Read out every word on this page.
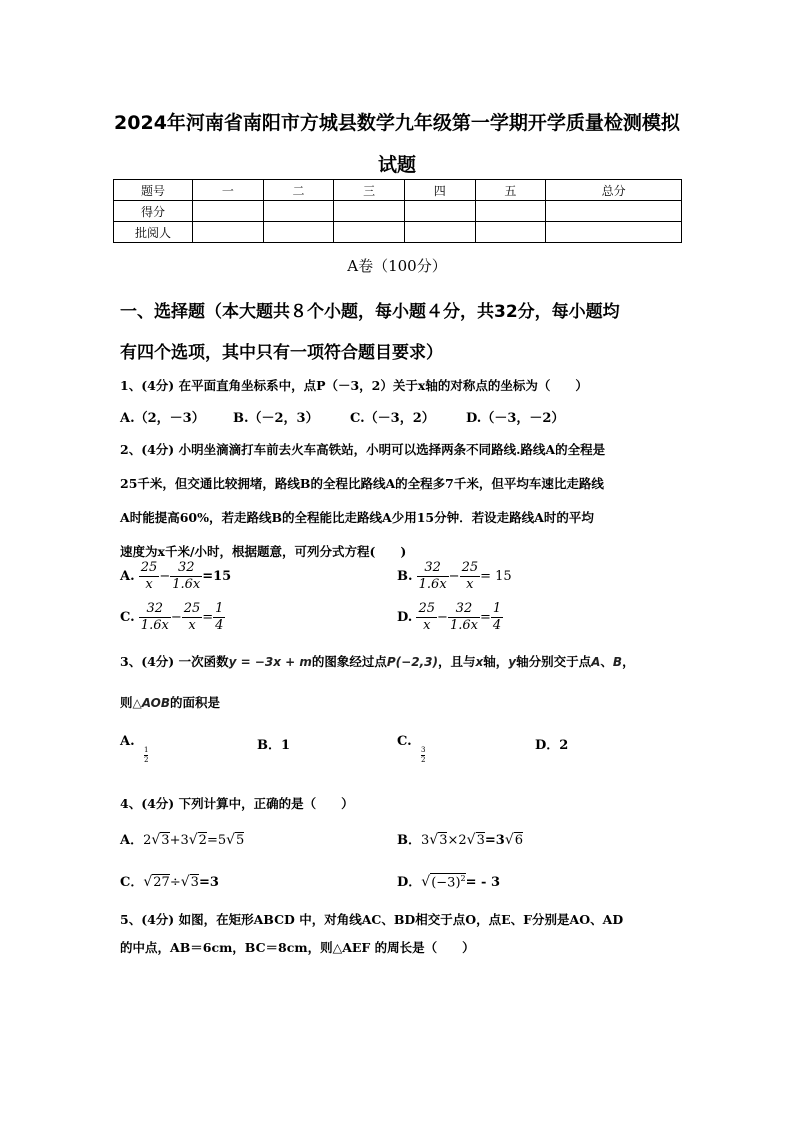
2024年河南省南阳市方城县数学九年级第一学期开学质量检测模拟
试题
题号	一	二	三	四	五	总分
得分						
批阅人						
A卷（100分）
一、选择题（本大题共８个小题，每小题４分，共32分，每小题均
有四个选项，其中只有一项符合题目要求）
1、(4分) 在平面直角坐标系中，点P（－3，2）关于x轴的对称点的坐标为（　　）
A.（2，－3） B.（－2，3） C.（－3，2） D.（－3，－2）
2、(4分) 小明坐滴滴打车前去火车高铁站，小明可以选择两条不同路线.路线A的全程是
25千米，但交通比较拥堵，路线B的全程比路线A的全程多7千米，但平均车速比走路线
A时能提高60%，若走路线B的全程能比走路线A少用15分钟．若设走路线A时的平均
速度为x千米/小时，根据题意，可列分式方程(　　)
A. $\frac{25}{x} - \frac{32}{1.6x} =15$	B. $\frac{32}{1.6x} - \frac{25}{x} = 15$
C. $\frac{32}{1.6x} - \frac{25}{x} = \frac{1}{4}$	D. $\frac{25}{x} - \frac{32}{1.6x} = \frac{1}{4}$
3、(4分) 一次函数y = −3x + m的图象经过点P(−2,3)，且与x轴，y轴分别交于点A、B，
则△AOB的面积是
A.
1
2
B．1	C.
3
2
D．2
4、(4分) 下列计算中，正确的是（　　）
A．2√3+3√2=5√5	B．3√3×2√3=3√6
C．√27÷√3=3	D．$√(-3)^2= - 3$
5、(4分) 如图，在矩形ABCD 中，对角线AC、BD相交于点O，点E、F分别是AO、AD
的中点，AB＝6cm，BC＝8cm，则△AEF 的周长是（　　）
